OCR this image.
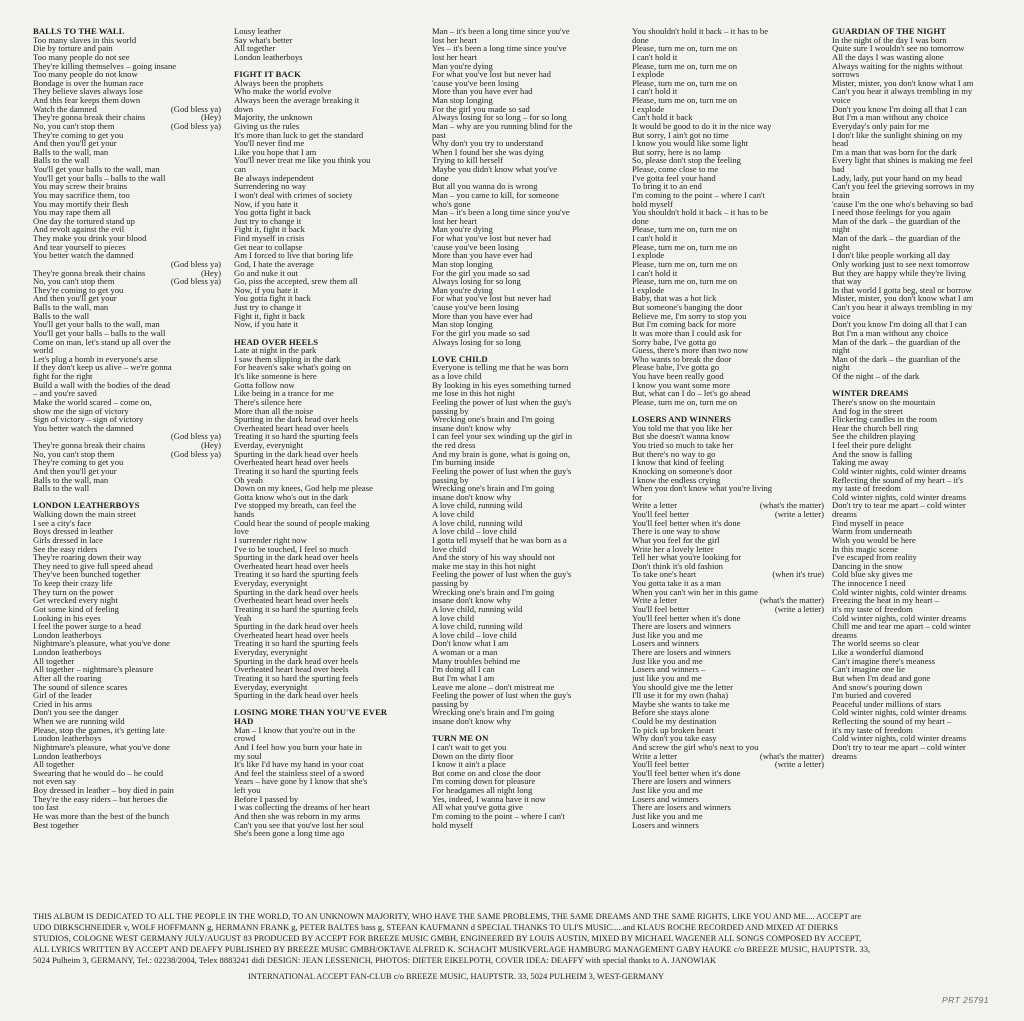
BALLS TO THE WALL
Too many slaves in this world
Die by torture and pain
Too many people do not see
They're killing themselves – going insane
Too many people do not know
Bondage is over the human race
They believe slaves always lose
And this fear keeps them down
Watch the damned	(God bless ya)
They're gonna break their chains	(Hey)
No, you can't stop them	(God bless ya)
They're coming to get you
And then you'll get your
Balls to the wall, man
Balls to the wall
You'll get your balls to the wall, man
You'll get your balls – balls to the wall
You may screw their brains
You may sacrifice them, too
You may mortify their flesh
You may rape them all
One day the tortured stand up
And revolt against the evil
They make you drink your blood
And tear yourself to pieces
You better watch the damned
(God bless ya)
They're gonna break their chains	(Hey)
No, you can't stop them	(God bless ya)
They're coming to get you
And then you'll get your
Balls to the wall, man
Balls to the wall
You'll get your balls to the wall, man
You'll get your balls – balls to the wall
Come on man, let's stand up all over the
world
Let's plug a bomb in everyone's arse
If they don't keep us alive – we're gonna
fight for the right
Build a wall with the bodies of the dead
– and you're saved
Make the world scared – come on,
show me the sign of victory
Sign of victory – sign of victory
You better watch the damned
(God bless ya)
They're gonna break their chains	(Hey)
No, you can't stop them	(God bless ya)
They're coming to get you
And then you'll get your
Balls to the wall, man
Balls to the wall
LONDON LEATHERBOYS
Walking down the main street
I see a city's face
Boys dressed in leather
Girls dressed in lace
See the easy riders
They're roaring down their way
They need to give full speed ahead
They've been bunched together
To keep their crazy life
They turn on the power
Get wrecked every night
Got some kind of feeling
Looking in his eyes
I feel the power surge to a head
London leatherboys
Nightmare's pleasure, what you've done
London leatherboys
All together
All together – nightmare's pleasure
After all the roaring
The sound of silence scares
Girl of the leader
Cried in his arms
Don't you see the danger
When we are running wild
Please, stop the games, it's getting late
London leatherboys
Nightmare's pleasure, what you've done
London leatherboys
All together
Swearing that he would do – he could
not even say
Boy dressed in leather – boy died in pain
They're the easy riders – but heroes die
too fast
He was more than the best of the bunch
Best together
Lousy leather
Say what's better
All together
London leatherboys
FIGHT IT BACK
Always been the prophets
Who make the world evolve
Always been the average breaking it
down
Majority, the unknown
Giving us the rules
It's more than luck to get the standard
You'll never find me
Like you hope that I am
You'll never treat me like you think you
can
Be always independent
Surrendering no way
I won't deal with crimes of society
Now, if you hate it
You gotta fight it back
Just try to change it
Fight it, fight it back
Find myself in crisis
Get near to collapse
Am I forced to live that boring life
God, I hate the average
Go and nuke it out
Go, piss the accepted, srew them all
Now, if you hate it
You gotta fight it back
Just try to change it
Fight it, fight it back
Now, if you hate it
HEAD OVER HEELS
Late at night in the park
I saw them slipping in the dark
For heaven's sake what's going on
It's like someone is here
Gotta follow now
Like being in a trance for me
There's silence here
More than all the noise
Spurting in the dark head over heels
Overheated heart head over heels
Treating it so hard the spurting feels
Everday, everynight
Spurting in the dark head over heels
Overheated heart head over heels
Treating it so hard the spurting feels
Oh yeah
Down on my knees, God help me please
Gotta know who's out in the dark
I've stopped my breath, can feel the
hands
Could hear the sound of people making
love
I surrender right now
I've to be touched, I feel so much
Spurting in the dark head over heels
Overheated heart head over heels
Treating it so hard the spurting feels
Everyday, everynight
Spurting in the dark head over heels
Overheated heart head over heels
Treating it so hard the spurting feels
Yeah
Spurting in the dark head over heels
Overheated heart head over heels
Treating it so hard the spurting feels
Everyday, everynight
Spurting in the dark head over heels
Overheated heart head over heels
Treating it so hard the spurting feels
Everyday, everynight
Spurting in the dark head over heels
LOSING MORE THAN YOU'VE EVER
HAD
Man – I know that you're out in the
crowd
And I feel how you burn your hate in
my soul
It's like I'd have my hand in your coat
And feel the stainless steel of a sword
Years – have gone by I know that she's
left you
Before I passed by
I was collecting the dreams of her heart
And then she was reborn in my arms
Can't you see that you've lost her soul
She's been gone a long time ago
Man – it's been a long time since you've
lost her heart
Yes – it's been a long time since you've
lost her heart
Man you're dying
For what you've lost but never had
'cause you've been losing
More than you have ever had
Man stop longing
For the girl you made so sad
Always losing for so long – for so long
Man – why are you running blind for the
past
Why don't you try to understand
When I found her she was dying
Trying to kill herself
Maybe you didn't know what you've
done
But all you wanna do is wrong
Man – you came to kill, for someone
who's gone
Man – it's been a long time since you've
lost her heart
Man you're dying
For what you've lost but never had
'cause you've been losing
More than you have ever had
Man stop longing
For the girl you made so sad
Always losing for so long
Man you're dying
For what you've lost but never had
'cause you've been losing
More than you have ever had
Man stop longing
For the girl you made so sad
Always losing for so long
LOVE CHILD
Everyone is telling me that he was born
as a love child
By looking in his eyes something turned
me lose in this hot night
Feeling the power of lust when the guy's
passing by
Wrecking one's brain and I'm going
insane don't know why
I can feel your sex winding up the girl in
the red dress
And my brain is gone, what is going on,
I'm burning inside
Feeling the power of lust when the guy's
passing by
Wrecking one's brain and I'm going
insane don't know why
A love child, running wild
A love child
A love child, running wild
A love child – love child
I gotta tell myself that he was born as a
love child
And the story of his way should not
make me stay in this hot night
Feeling the power of lust when the guy's
passing by
Wrecking one's brain and I'm going
insane don't know why
A love child, running wild
A love child
A love child, running wild
A love child – love child
Don't know what I am
A woman or a man
Many troubles behind me
I'm doing all I can
But I'm what I am
Leave me alone – don't mistreat me
Feeling the power of lust when the guy's
passing by
Wrecking one's brain and I'm going
insane don't know why
TURN ME ON
I can't wait to get you
Down on the dirty floor
I know it ain't a place
But come on and close the door
I'm coming down for pleasure
For headgames all night long
Yes, indeed, I wanna have it now
All what you've gotta give
I'm coming to the point – where I can't
hold myself
You shouldn't hold it back – it has to be
done
Please, turn me on, turn me on
I can't hold it
Please, turn me on, turn me on
I explode
Please, turn me on, turn me on
I can't hold it
Please, turn me on, turn me on
I explode
Can't hold it back
It would be good to do it in the nice way
But sorry, I ain't got no time
I know you would like some light
But sorry, here is no lamp
So, please don't stop the feeling
Please, come close to me
I've gotta feel your hand
To bring it to an end
I'm coming to the point – where I can't
hold myself
You shouldn't hold it back – it has to be
done
Please, turn me on, turn me on
I can't hold it
Please, turn me on, turn me on
I explode
Please, turn me on, turn me on
I can't hold it
Please, turn me on, turn me on
I explode
Baby, that was a hot lick
But someone's banging the door
Believe me, I'm sorry to stop you
But I'm coming back for more
It was more than I could ask for
Sorry babe, I've gotta go
Guess, there's more than two now
Who wants to break the door
Please babe, I've gotta go
You have been really good
I know you want some more
But, what can I do – let's go ahead
Please, turn me on, turn me on
LOSERS AND WINNERS
You told me that you like her
But she doesn't wanna know
You tried so much to take her
But there's no way to go
I know that kind of feeling
Knocking on someone's door
I know the endless crying
When you don't know what you're living
for
Write a letter	(what's the matter)
You'll feel better	(write a letter)
You'll feel better when it's done
There is one way to show
What you feel for the girl
Write her a lovely letter
Tell her what you're looking for
Don't think it's old fashion
To take one's heart	(when it's true)
You gotta take it as a man
When you can't win her in this game
Write a letter	(what's the matter)
You'll feel better	(write a letter)
You'll feel better when it's done
There are losers and winners
Just like you and me
Losers and winners
There are losers and winners
Just like you and me
Losers and winners –
just like you and me
You should give me the letter
I'll use it for my own (haha)
Maybe she wants to take me
Before she stays alone
Could be my destination
To pick up broken heart
Why don't you take easy
And screw the girl who's next to you
Write a letter	(what's the matter)
You'll feel better	(write a letter)
You'll feel better when it's done
There are losers and winners
Just like you and me
Losers and winners
There are losers and winners
Just like you and me
Losers and winners
GUARDIAN OF THE NIGHT
In the night of the day I was born
Quite sure I wouldn't see no tomorrow
All the days I was wasting alone
Always waiting for the nights without
sorrows
Mister, mister, you don't know what I am
Can't you hear it always trembling in my
voice
Don't you know I'm doing all that I can
But I'm a man without any choice
Everyday's only pain for me
I don't like the sunlight shining on my
head
I'm a man that was born for the dark
Every light that shines is making me feel
bad
Lady, lady, put your hand on my head
Can't you feel the grieving sorrows in my
brain
'cause I'm the one who's behaving so bad
I need those feelings for you again
Man of the dark – the guardian of the
night
Man of the dark – the guardian of the
night
I don't like people working all day
Only working just to see next tomorrow
But they are happy while they're living
that way
In that world I gotta beg, steal or borrow
Mister, mister, you don't know what I am
Can't you hear it always trembling in my
voice
Don't you know I'm doing all that I can
But I'm a man without any choice
Man of the dark – the guardian of the
night
Man of the dark – the guardian of the
night
Of the night – of the dark
WINTER DREAMS
There's snow on the mountain
And fog in the street
Flickering candles in the room
Hear the church bell ring
See the children playing
I feel their pure delight
And the snow is falling
Taking me away
Cold winter nights, cold winter dreams
Reflecting the sound of my heart – it's
my taste of freedom
Cold winter nights, cold winter dreams
Don't try to tear me apart – cold winter
dreams
Find myself in peace
Warm from underneath
Wish you would be here
In this magic scene
I've escaped from reality
Dancing in the snow
Cold blue sky gives me
The innocence I need
Cold winter nights, cold winter dreams
Freezing the heat in my heart –
it's my taste of freedom
Cold winter nights, cold winter dreams
Chill me and tear me apart – cold winter
dreams
The world seems so clear
Like a wonderful diamond
Can't imagine there's meaness
Can't imagine one lie
But when I'm dead and gone
And snow's pouring down
I'm buried and covered
Peaceful under millions of stars
Cold winter nights, cold winter dreams
Reflecting the sound of my heart –
it's my taste of freedom
Cold winter nights, cold winter dreams
Don't try to tear me apart – cold winter
dreams
THIS ALBUM IS DEDICATED TO ALL THE PEOPLE IN THE WORLD, TO AN UNKNOWN MAJORITY, WHO HAVE THE SAME PROBLEMS, THE SAME DREAMS AND THE SAME RIGHTS, LIKE YOU AND ME.... ACCEPT are
UDO DIRKSCHNEIDER v, WOLF HOFFMANN g, HERMANN FRANK g, PETER BALTES bass g, STEFAN KAUFMANN d SPECIAL THANKS TO ULI'S MUSIC.....and KLAUS ROCHE RECORDED AND MIXED AT DIERKS
STUDIOS, COLOGNE WEST GERMANY JULY/AUGUST 83 PRODUCED BY ACCEPT FOR BREEZE MUSIC GMBH, ENGINEERED BY LOUIS AUSTIN, MIXED BY MICHAEL WAGENER ALL SONGS COMPOSED BY ACCEPT,
ALL LYRICS WRITTEN BY ACCEPT AND DEAFFY PUBLISHED BY BREEZE MUSIC GMBH/OKTAVE ALFRED K. SCHACHT MUSIKVERLAGE HAMBURG MANAGEMENT GABY HAUKE c/o BREEZE MUSIC, HAUPTSTR. 33,
5024 Pulheim 3, GERMANY, Tel.: 02238/2004, Telex 8883241 didi DESIGN: JEAN LESSENICH, PHOTOS: DIETER EIKELPOTH, COVER IDEA: DEAFFY with special thanks to A. JANOWIAK
INTERNATIONAL ACCEPT FAN-CLUB c/o BREEZE MUSIC, HAUPTSTR. 33, 5024 PULHEIM 3, WEST-GERMANY
PRT 25791
